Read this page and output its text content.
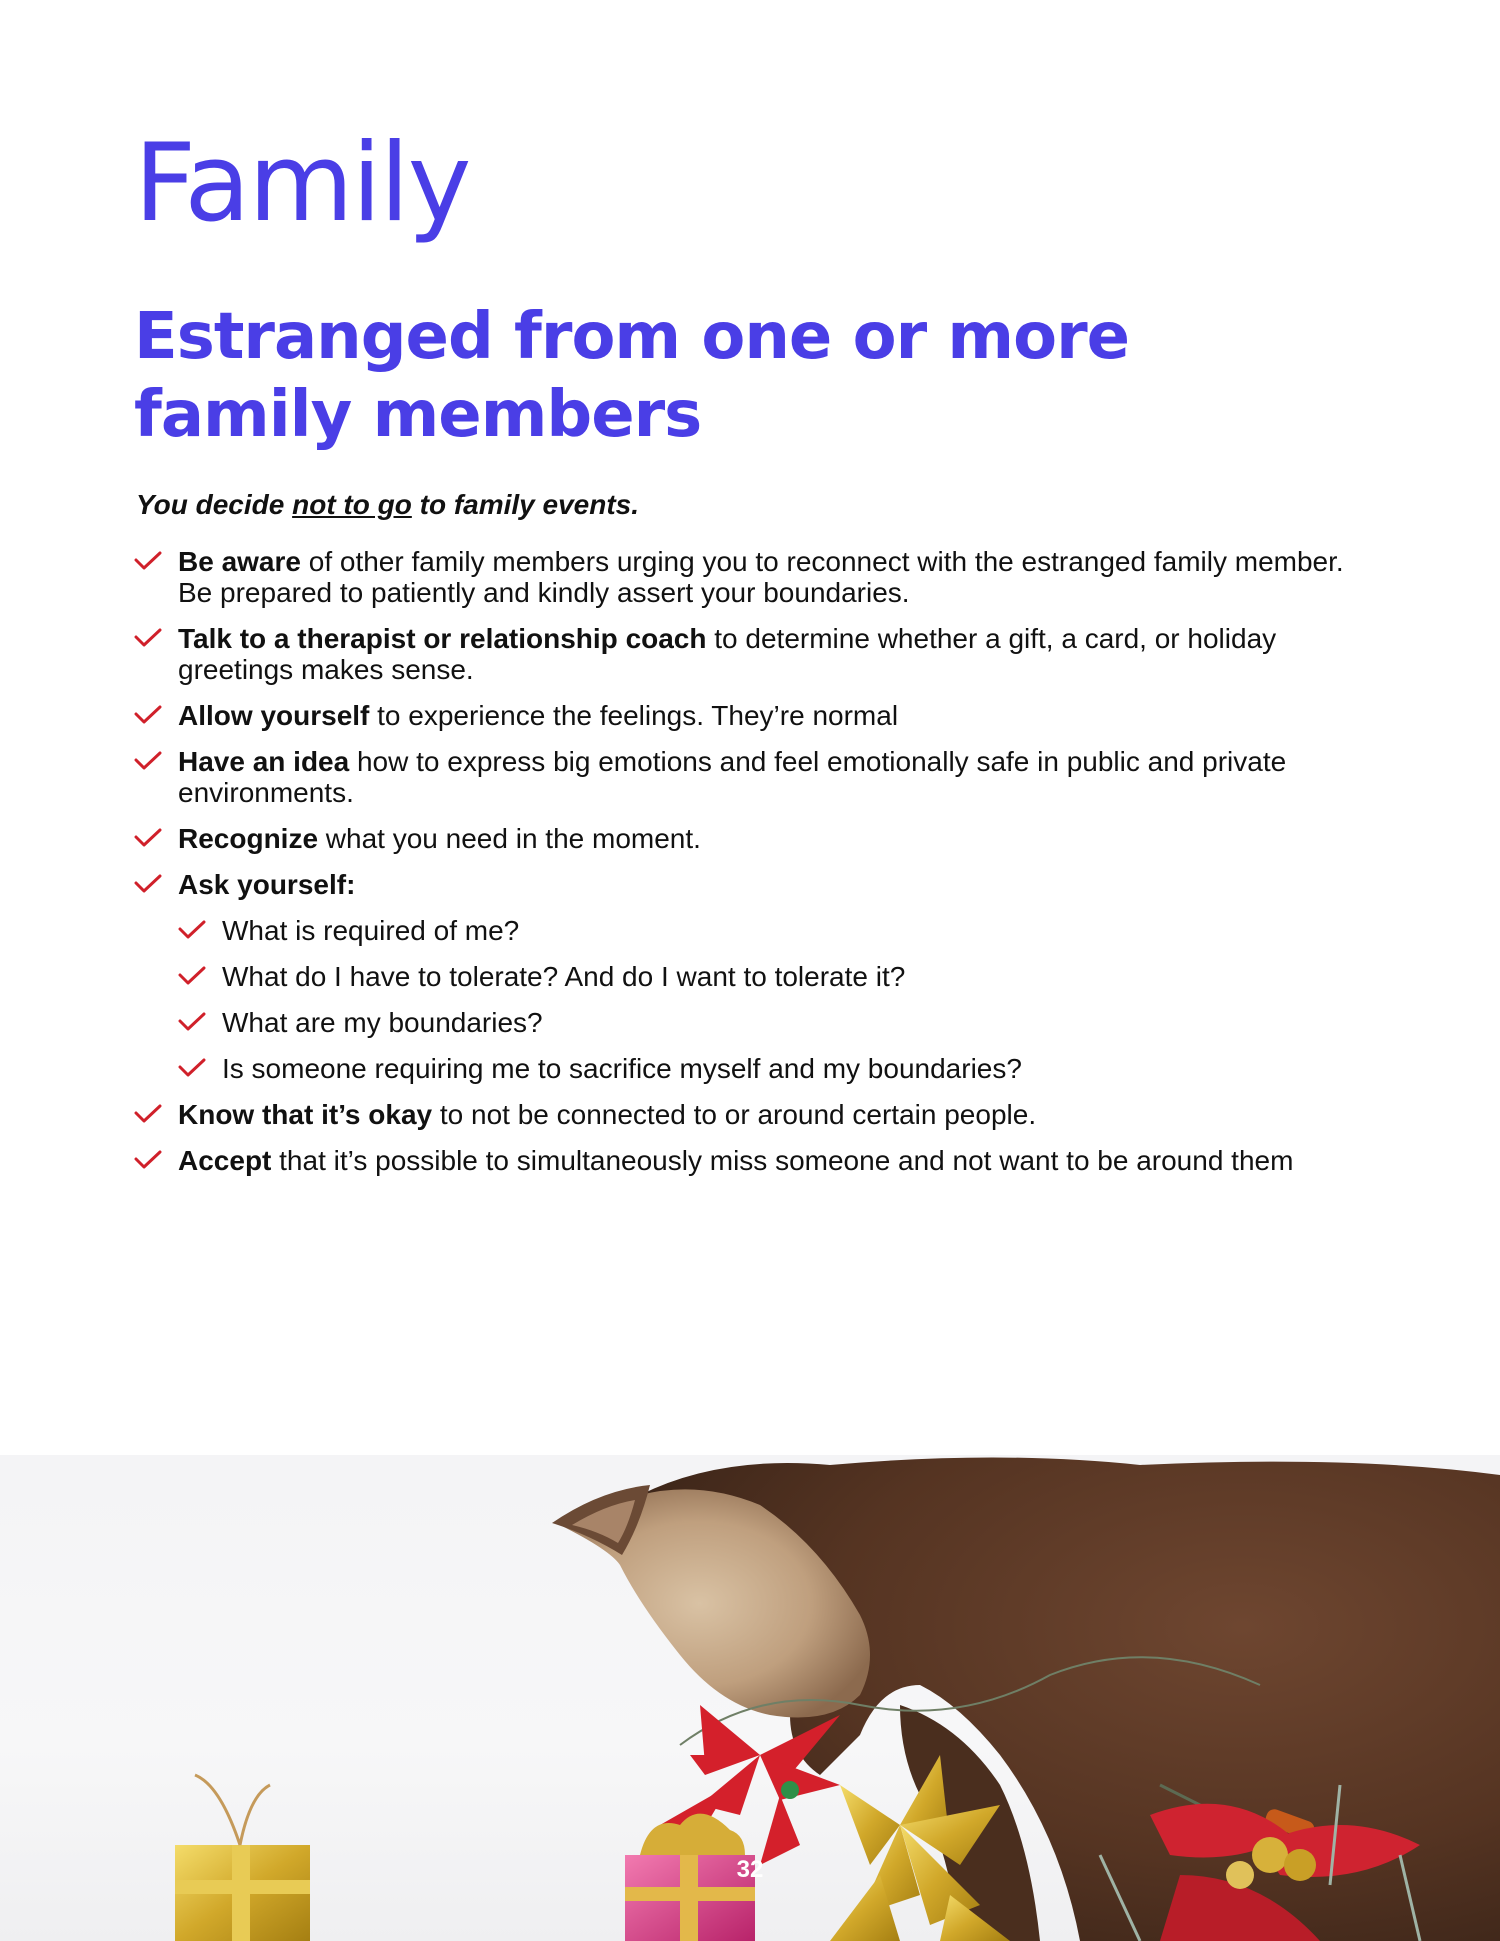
Family
Estranged from one or more family members

You decide not to go to family events.

Be aware of other family members urging you to reconnect with the estranged family member. Be prepared to patiently and kindly assert your boundaries.
Talk to a therapist or relationship coach to determine whether a gift, a card, or holiday greetings makes sense.
Allow yourself to experience the feelings. They’re normal
Have an idea how to express big emotions and feel emotionally safe in public and private environments.
Recognize what you need in the moment.
Ask yourself:
What is required of me?
What do I have to tolerate? And do I want to tolerate it?
What are my boundaries?
Is someone requiring me to sacrifice myself and my boundaries?
Know that it’s okay to not be connected to or around certain people.
Accept that it’s possible to simultaneously miss someone and not want to be around them
32
